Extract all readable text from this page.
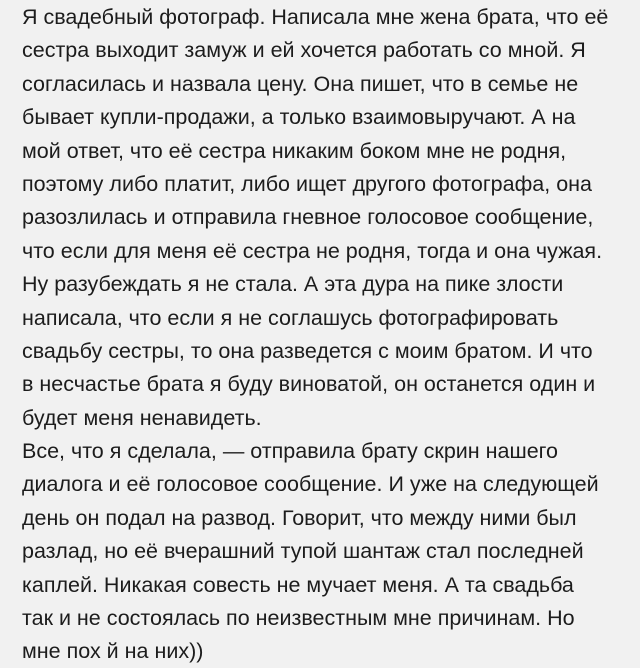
Я свадебный фотограф. Написала мне жена брата, что её
сестра выходит замуж и ей хочется работать со мной. Я
согласилась и назвала цену. Она пишет, что в семье не
бывает купли-продажи, а только взаимовыручают. А на
мой ответ, что её сестра никаким боком мне не родня,
поэтому либо платит, либо ищет другого фотографа, она
разозлилась и отправила гневное голосовое сообщение,
что если для меня её сестра не родня, тогда и она чужая.
Ну разубеждать я не стала. А эта дура на пике злости
написала, что если я не соглашусь фотографировать
свадьбу сестры, то она разведется с моим братом. И что
в несчастье брата я буду виноватой, он останется один и
будет меня ненавидеть.
Все, что я сделала, — отправила брату скрин нашего
диалога и её голосовое сообщение. И уже на следующей
день он подал на развод. Говорит, что между ними был
разлад, но её вчерашний тупой шантаж стал последней
каплей. Никакая совесть не мучает меня. А та свадьба
так и не состоялась по неизвестным мне причинам. Но
мне пох й на них))
